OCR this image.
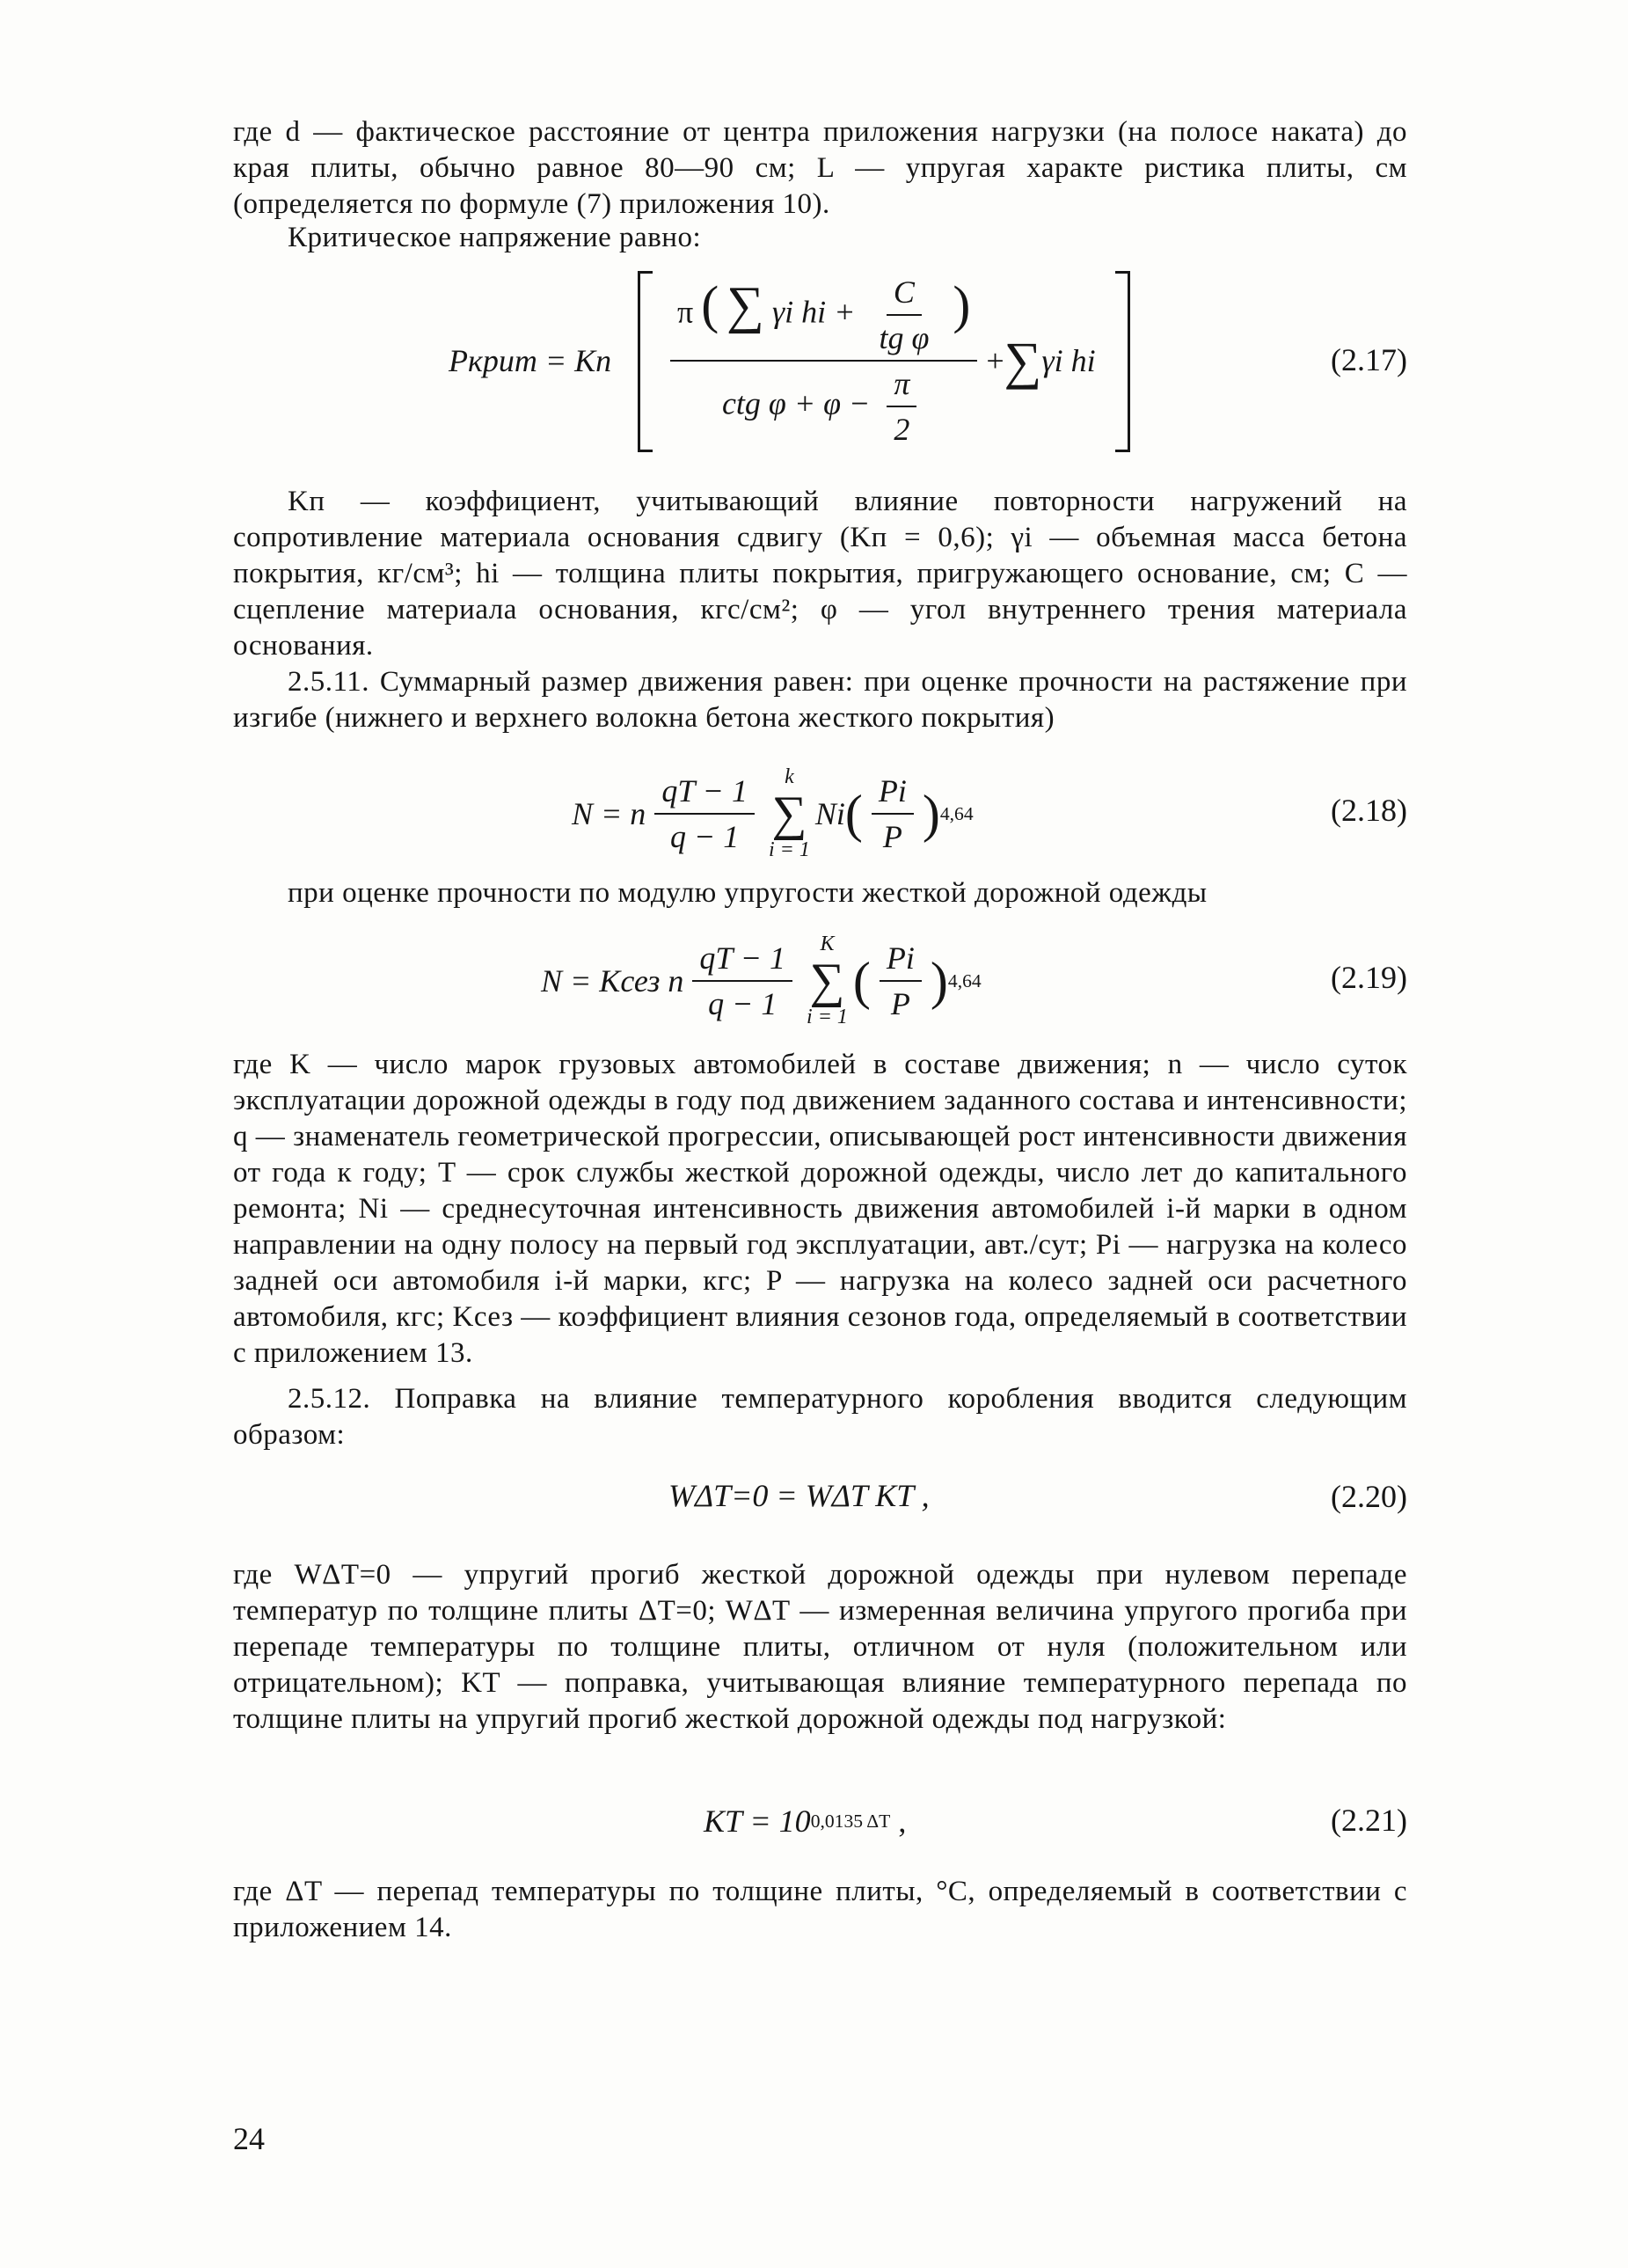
где d — фактическое расстояние от центра приложения нагрузки (на полосе наката) до края плиты, обычно равное 80—90 см; L — упругая характе ристика плиты, см (определяется по формуле (7) приложения 10).

Критическое напряжение равно:

Pкрит =
Kп
π ( ∑ γi hi + $\frac{C}{\text{tg φ}}$ )
ctg $\varphi + \varphi - \frac{\pi}{2}$
+ ∑ γi hi	(2.17)

Kп — коэффициент, учитывающий влияние повторности нагружений на сопротивление материала основания сдвигу (Kп = 0,6); γi — объемная масса бетона покрытия, кг/см³; hi — толщина плиты покрытия, пригружающего основание, см; C — сцепление материала основания, кгс/см²; φ — угол внутреннего трения материала основания.

2.5.11. Суммарный размер движения равен: при оценке прочности на растяжение при изгибе (нижнего и верхнего волокна бетона жесткого покрытия)

N = n $\frac{qT - 1}{q - 1}$ k
∑
i = 1
Ni ( $\frac{Pi}{P}$ ) 4,64	(2.18)

при оценке прочности по модулю упругости жесткой дорожной одежды

N = Kсез n $\frac{qT - 1}{q - 1}$ K
∑
i = 1
( $\frac{Pi}{P}$ ) 4,64	(2.19)

где K — число марок грузовых автомобилей в составе движения; n — число суток эксплуатации дорожной одежды в году под движением заданного состава и интенсивности; q — знаменатель геометрической прогрессии, описывающей рост интенсивности движения от года к году; T — срок службы жесткой дорожной одежды, число лет до капитального ремонта; Ni — среднесуточная интенсивность движения автомобилей i-й марки в одном направлении на одну полосу на первый год эксплуатации, авт./сут; Pi — нагрузка на колесо задней оси автомобиля i-й марки, кгс; P — нагрузка на колесо задней оси расчетного автомобиля, кгс; Kсез — коэффициент влияния сезонов года, определяемый в соответствии с приложением 13.

2.5.12. Поправка на влияние температурного коробления вводится следующим образом:

WΔT=0 = WΔT KT ,	(2.20)

где WΔT=0 — упругий прогиб жесткой дорожной одежды при нулевом перепаде температур по толщине плиты ΔT=0; WΔT — измеренная величина упругого прогиба при перепаде температуры по толщине плиты, отличном от нуля (положительном или отрицательном); KT — поправка, учитывающая влияние температурного перепада по толщине плиты на упругий прогиб жесткой дорожной одежды под нагрузкой:

KT = 10 0,0135 ΔT
,	(2.21)

где ΔT — перепад температуры по толщине плиты, °C, определяемый в соответствии с приложением 14.

24
